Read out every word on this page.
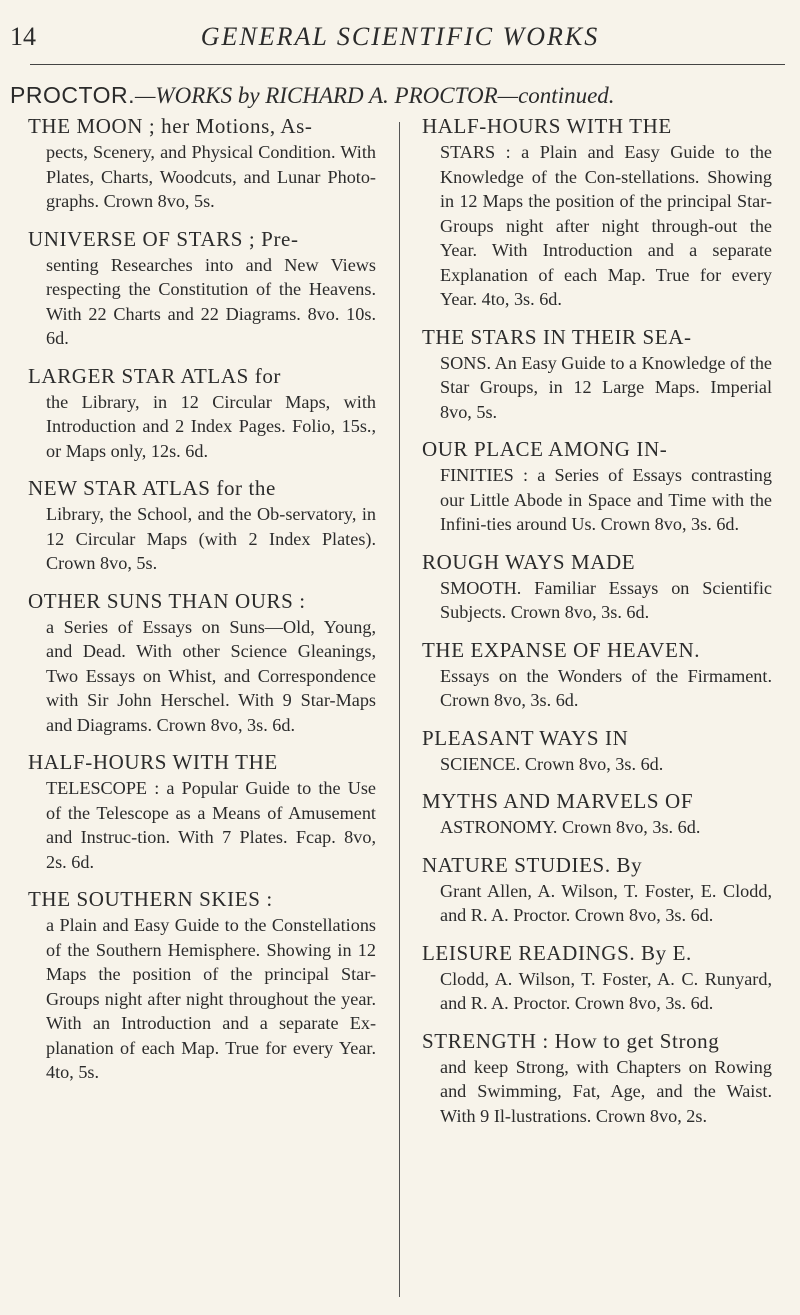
14	GENERAL SCIENTIFIC WORKS
PROCTOR.—WORKS by RICHARD A. PROCTOR—continued.
THE MOON ; her Motions, As-
pects, Scenery, and Physical Condition. With Plates, Charts, Woodcuts, and Lunar Photo-graphs. Crown 8vo, 5s.
UNIVERSE OF STARS ; Pre-
senting Researches into and New Views respecting the Constitution of the Heavens. With 22 Charts and 22 Diagrams. 8vo. 10s. 6d.
LARGER STAR ATLAS for
the Library, in 12 Circular Maps, with Introduction and 2 Index Pages. Folio, 15s., or Maps only, 12s. 6d.
NEW STAR ATLAS for the
Library, the School, and the Ob-servatory, in 12 Circular Maps (with 2 Index Plates). Crown 8vo, 5s.
OTHER SUNS THAN OURS :
a Series of Essays on Suns—Old, Young, and Dead. With other Science Gleanings, Two Essays on Whist, and Correspondence with Sir John Herschel. With 9 Star-Maps and Diagrams. Crown 8vo, 3s. 6d.
HALF-HOURS WITH THE
TELESCOPE : a Popular Guide to the Use of the Telescope as a Means of Amusement and Instruc-tion. With 7 Plates. Fcap. 8vo, 2s. 6d.
THE SOUTHERN SKIES :
a Plain and Easy Guide to the Constellations of the Southern Hemisphere. Showing in 12 Maps the position of the principal Star-Groups night after night throughout the year. With an Introduction and a separate Ex-planation of each Map. True for every Year. 4to, 5s.
HALF-HOURS WITH THE
STARS : a Plain and Easy Guide to the Knowledge of the Con-stellations. Showing in 12 Maps the position of the principal Star-Groups night after night through-out the Year. With Introduction and a separate Explanation of each Map. True for every Year. 4to, 3s. 6d.
THE STARS IN THEIR SEA-
SONS. An Easy Guide to a Knowledge of the Star Groups, in 12 Large Maps. Imperial 8vo, 5s.
OUR PLACE AMONG IN-
FINITIES : a Series of Essays contrasting our Little Abode in Space and Time with the Infini-ties around Us. Crown 8vo, 3s. 6d.
ROUGH WAYS MADE
SMOOTH. Familiar Essays on Scientific Subjects. Crown 8vo, 3s. 6d.
THE EXPANSE OF HEAVEN.
Essays on the Wonders of the Firmament. Crown 8vo, 3s. 6d.
PLEASANT WAYS IN
SCIENCE. Crown 8vo, 3s. 6d.
MYTHS AND MARVELS OF
ASTRONOMY. Crown 8vo, 3s. 6d.
NATURE STUDIES. By
Grant Allen, A. Wilson, T. Foster, E. Clodd, and R. A. Proctor. Crown 8vo, 3s. 6d.
LEISURE READINGS. By E.
Clodd, A. Wilson, T. Foster, A. C. Runyard, and R. A. Proctor. Crown 8vo, 3s. 6d.
STRENGTH : How to get Strong
and keep Strong, with Chapters on Rowing and Swimming, Fat, Age, and the Waist. With 9 Il-lustrations. Crown 8vo, 2s.
